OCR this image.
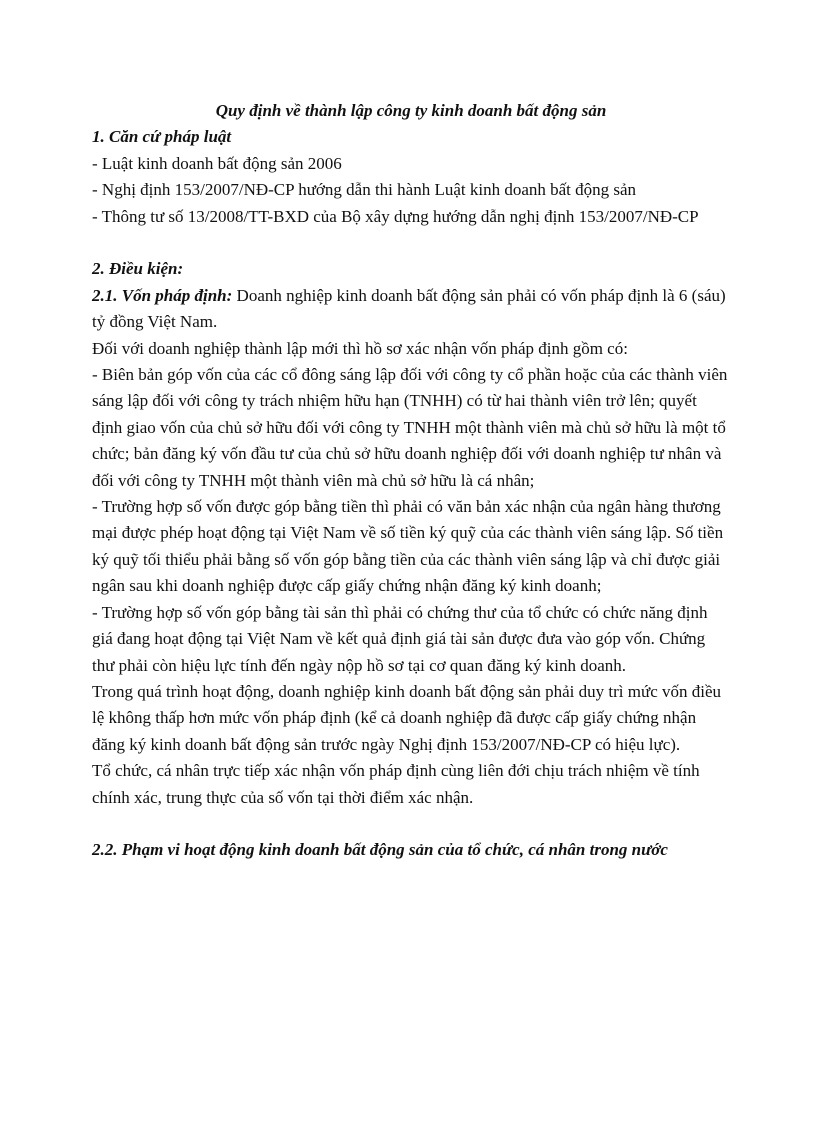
Quy định về thành lập công ty kinh doanh bất động sản

1. Căn cứ pháp luật

- Luật kinh doanh bất động sản 2006

- Nghị định 153/2007/NĐ-CP hướng dẫn thi hành Luật kinh doanh bất động sản

- Thông tư số 13/2008/TT-BXD của Bộ xây dựng hướng dẫn nghị định 153/2007/NĐ-CP

2. Điều kiện:

2.1. Vốn pháp định: Doanh nghiệp kinh doanh bất động sản phải có vốn pháp định là 6 (sáu) tỷ đồng Việt Nam.

Đối với doanh nghiệp thành lập mới thì hồ sơ xác nhận vốn pháp định gồm có:

- Biên bản góp vốn của các cổ đông sáng lập đối với công ty cổ phần hoặc của các thành viên sáng lập đối với công ty trách nhiệm hữu hạn (TNHH) có từ hai thành viên trở lên; quyết định giao vốn của chủ sở hữu đối với công ty TNHH một thành viên mà chủ sở hữu là một tổ chức; bản đăng ký vốn đầu tư của chủ sở hữu doanh nghiệp đối với doanh nghiệp tư nhân và đối với công ty TNHH một thành viên mà chủ sở hữu là cá nhân;

- Trường hợp số vốn được góp bằng tiền thì phải có văn bản xác nhận của ngân hàng thương mại được phép hoạt động tại Việt Nam về số tiền ký quỹ của các thành viên sáng lập. Số tiền ký quỹ tối thiểu phải bằng số vốn góp bằng tiền của các thành viên sáng lập và chỉ được giải ngân sau khi doanh nghiệp được cấp giấy chứng nhận đăng ký kinh doanh;

- Trường hợp số vốn góp bằng tài sản thì phải có chứng thư của tổ chức có chức năng định giá đang hoạt động tại Việt Nam về kết quả định giá tài sản được đưa vào góp vốn. Chứng thư phải còn hiệu lực tính đến ngày nộp hồ sơ tại cơ quan đăng ký kinh doanh.

Trong quá trình hoạt động, doanh nghiệp kinh doanh bất động sản phải duy trì mức vốn điều lệ không thấp hơn mức vốn pháp định (kể cả doanh nghiệp đã được cấp giấy chứng nhận đăng ký kinh doanh bất động sản trước ngày Nghị định 153/2007/NĐ-CP có hiệu lực).

Tổ chức, cá nhân trực tiếp xác nhận vốn pháp định cùng liên đới chịu trách nhiệm về tính chính xác, trung thực của số vốn tại thời điểm xác nhận.

2.2. Phạm vi hoạt động kinh doanh bất động sản của tổ chức, cá nhân trong nước
